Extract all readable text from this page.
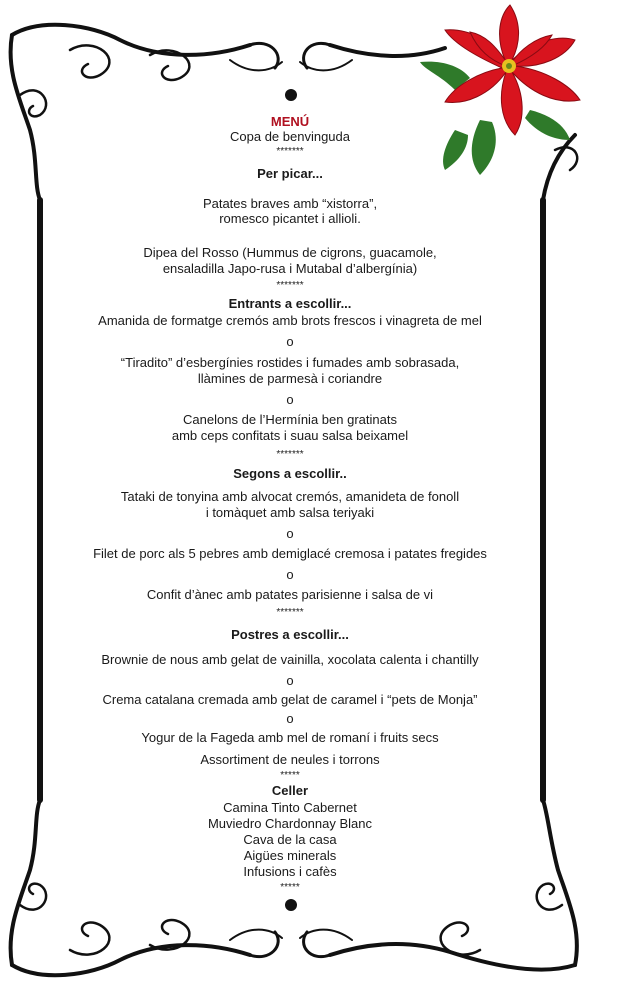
MENÚ
Copa de benvinguda
*******
Per picar...
Patates braves amb “xistorra”,
romesco picantet i allioli.
Dipea del Rosso (Hummus de cigrons, guacamole,
ensaladilla Japo-rusa i Mutabal d’albergínia)
*******
Entrants a escollir...
Amanida de formatge cremós amb brots frescos i vinagreta de mel
o
“Tiradito” d’esbergínies rostides i fumades amb sobrasada,
llàmines de parmesà i coriandre
o
Canelons de l’Hermínia ben gratinats
amb ceps confitats i suau salsa beixamel
*******
Segons a escollir..
Tataki de tonyina amb alvocat cremós, amanideta de fonoll
i tomàquet amb salsa teriyaki
o
Filet de porc als 5 pebres amb demiglacé cremosa i patates fregides
o
Confit d’ànec amb patates parisienne i salsa de vi
*******
Postres a escollir...
Brownie de nous amb gelat de vainilla, xocolata calenta i chantilly
o
Crema catalana cremada amb gelat de caramel i “pets de Monja”
o
Yogur de la Fageda amb mel de romaní i fruits secs
Assortiment de neules i torrons
*****
Celler
Camina Tinto Cabernet
Muviedro Chardonnay Blanc
Cava de la casa
Aigües minerals
Infusions i cafès
*****
